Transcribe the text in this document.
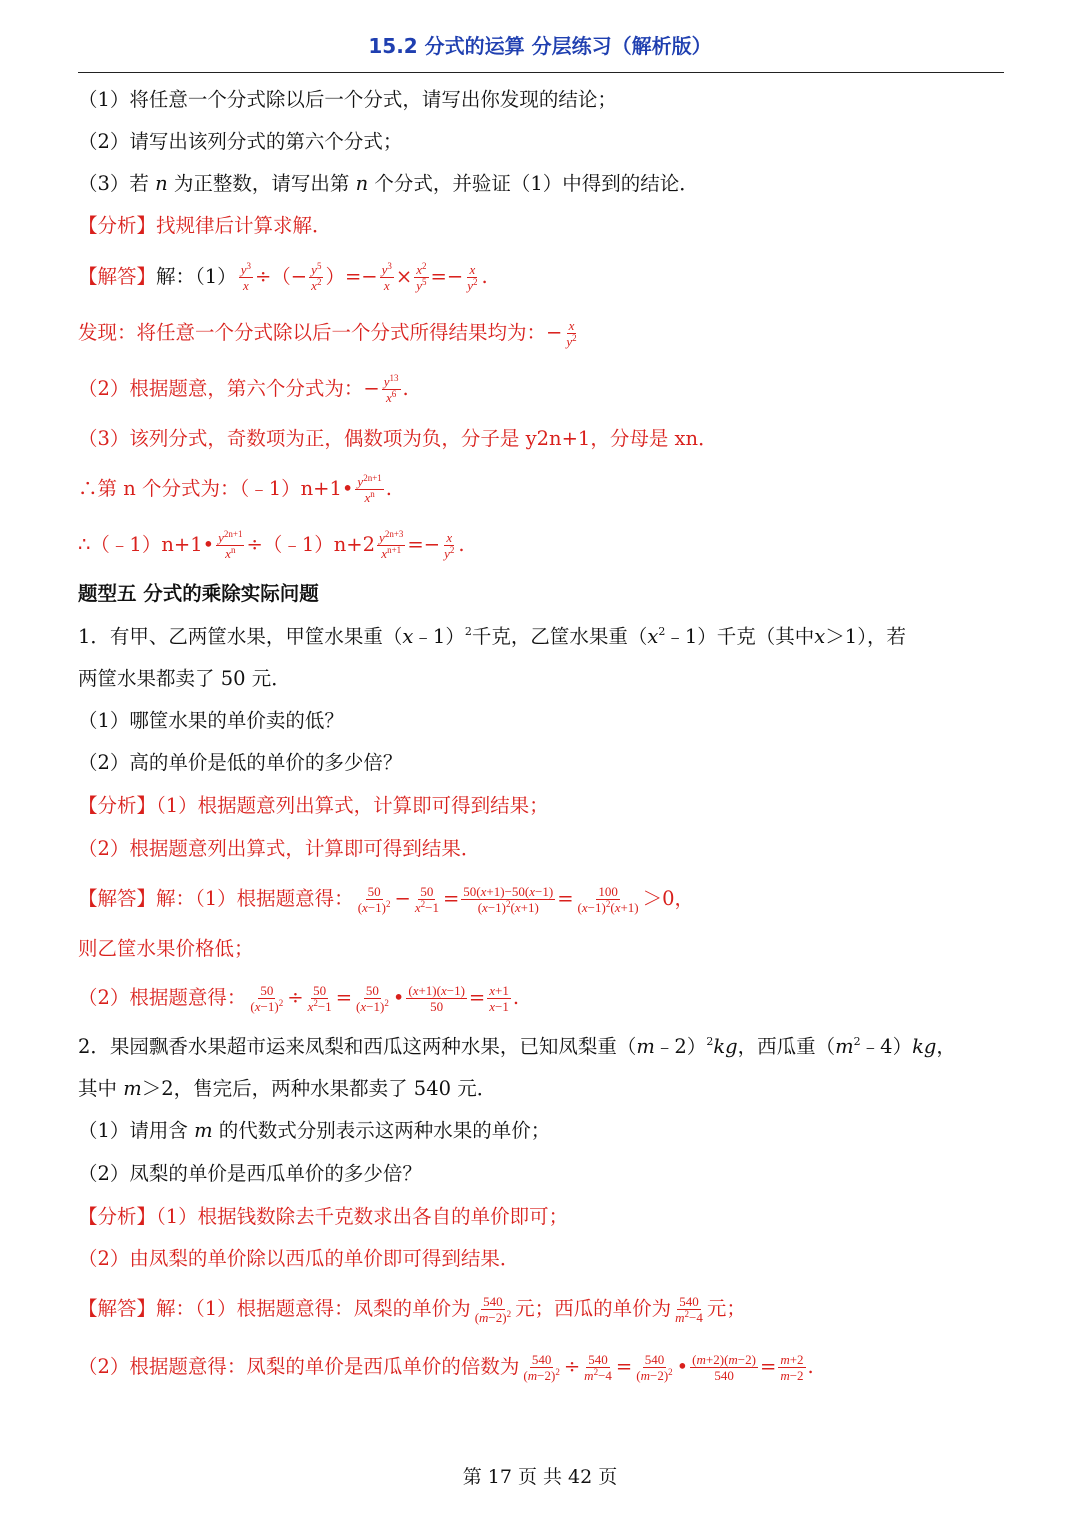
15.2 分式的运算 分层练习（解析版）
（1）将任意一个分式除以后一个分式，请写出你发现的结论；
（2）请写出该列分式的第六个分式；
（3）若 n 为正整数，请写出第 n 个分式，并验证（1）中得到的结论．
【分析】找规律后计算求解．
【解答】解：$(1) \frac{y^3}{x}$ ÷（− $\frac{y^5}{x^2}$ ）=− $\frac{y^3}{x} \times \frac{x^2}{y^5} =- \frac{x}{y^2}$ .
发现：将任意一个分式除以后一个分式所得结果均为：− $\frac{x}{y^2}$
（2）根据题意，第六个分式为：− $\frac{y^{13}}{x^6}$ .
（3）该列分式，奇数项为正，偶数项为负，分子是 y2n+1，分母是 xn．
∴第 n 个分式为：（﹣1）n+1• $\frac{y^{2n+1}}{x^n}$ .
∴（﹣1）n+1• $\frac{y^{2n+1}}{x^n}$ ÷（﹣1）n+2 $\frac{y^{2n+3}}{x^{n+1}} =- \frac{x}{y^2}$ .
题型五 分式的乘除实际问题
1．有甲、乙两筐水果，甲筐水果重（x﹣1）$^2$千克，乙筐水果重$(x^2﹣1)$千克（其中x＞1），若
两筐水果都卖了 50 元．
（1）哪筐水果的单价卖的低？
（2）高的单价是低的单价的多少倍？
【分析】（1）根据题意列出算式，计算即可得到结果；
（2）根据题意列出算式，计算即可得到结果．
【解答】解：（1）根据题意得： $\frac{50}{(x-1)^2} - \frac{50}{x^2-1} = \frac{50(x+1)-50(x-1)}{(x-1)^2(x+1)} = \frac{100}{(x-1)^2(x+1)} >0$，
则乙筐水果价格低；
（2）根据题意得： $\frac{50}{(x-1)^2} \div \frac{50}{x^2-1} = \frac{50}{(x-1)^2}$ • $\frac{(x+1)(x-1)}{50} = \frac{x+1}{x-1}$ .
2．果园飘香水果超市运来凤梨和西瓜这两种水果，已知凤梨重（m﹣2）$^2$kg，西瓜重$(m^2﹣4)kg$，
其中 m＞2，售完后，两种水果都卖了 540 元．
（1）请用含 m 的代数式分别表示这两种水果的单价；
（2）凤梨的单价是西瓜单价的多少倍？
【分析】（1）根据钱数除去千克数求出各自的单价即可；
（2）由凤梨的单价除以西瓜的单价即可得到结果．
【解答】解：（1）根据题意得：凤梨的单价为 $\frac{540}{(m-2)^2}$ 元；西瓜的单价为 $\frac{540}{m^2-4}$ 元；
（2）根据题意得：凤梨的单价是西瓜单价的倍数为 $\frac{540}{(m-2)^2} \div \frac{540}{m^2-4} = \frac{540}{(m-2)^2}$ • $\frac{(m+2)(m-2)}{540} = \frac{m+2}{m-2}$ .
第 17 页 共 42 页
